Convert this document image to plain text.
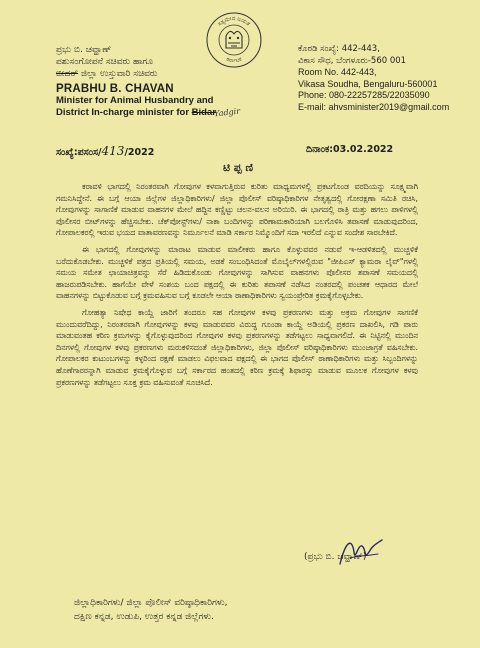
ಪ್ರಭು ಬಿ. ಚವ್ಹಾಣ್
ಪಶುಸಂಗೋಪನೆ ಸಚಿವರು ಹಾಗೂ
ಬೀದರ್ ಜಿಲ್ಲಾ ಉಸ್ತುವಾರಿ ಸಚಿವರು
PRABHU B. CHAVAN
Minister for Animal Husbandry and
District In-charge minister for Bidar
Yadgir
ಸತ್ಯಮೇವ ಜಯತೆ
ಕರ್ನಾಟಕ
ಕೊಠಡಿ ಸಂಖ್ಯೆ: 442-443,
ವಿಕಾಸ ಸೌಧ, ಬೆಂಗಳೂರು-560 001
Room No. 442-443,
Vikasa Soudha, Bengaluru-560001
Phone: 080-22257285/22035090
E-mail: ahvsminister2019@gmail.com
ಸಂಖ್ಯೆ:ಪಸಂಸ/413/2022	ದಿನಾಂಕ:03.02.2022
ಟಿಪ್ಪಣಿ

ಕರಾವಳಿ ಭಾಗದಲ್ಲಿ ನಿರಂತರವಾಗಿ ಗೋವುಗಳ ಕಳವಾಗುತ್ತಿರುವ ಕುರಿತು ಮಾಧ್ಯಮಗಳಲ್ಲಿ ಪ್ರಕಟಗೊಂಡ ವರದಿಯನ್ನು ಸೂಕ್ಷ್ಮವಾಗಿ ಗಮನಿಸಿದ್ದೇನೆ. ಈ ಬಗ್ಗೆ ಆಯಾ ಜಿಲ್ಲೆಗಳ ಜಿಲ್ಲಾಧಿಕಾರಿಗಳು/ ಜಿಲ್ಲಾ ಪೊಲೀಸ್ ವರಿಷ್ಠಾಧಿಕಾರಿಗಳ ನೇತೃತ್ವದಲ್ಲಿ ಗೋರಕ್ಷಣಾ ಸಮಿತಿ ರಚಿಸಿ, ಗೋವುಗಳನ್ನು ಸಾಗಾಣಿಕೆ ಮಾಡುವ ವಾಹನಗಳ ಮೇಲೆ ಹದ್ದಿನ ಕಣ್ಣಿಟ್ಟು ಚಲನ-ವಲನ ಅರಿಯಿರಿ. ಈ ಭಾಗದಲ್ಲಿ ರಾತ್ರಿ ಮತ್ತು ಹಗಲು ಪಾಳಿಗಳಲ್ಲಿ ಪೊಲೀಸರ ಬೀಟ್‌ಗಳನ್ನು ಹೆಚ್ಚಿಸಬೇಕು. ಚೆಕ್‌ಪೋಸ್ಟ್‌ಗಳು/ ನಾಕಾ ಬಂದಿಗಳನ್ನು ಪರಿಣಾಮಕಾರಿಯಾಗಿ ಬಲಗೊಳಿಸಿ ತಪಾಸಣೆ ಮಾಡುವುದರಿಂದ, ಗೋಪಾಲಕರಲ್ಲಿ ಇರುವ ಭಯದ ವಾತಾವರಣವನ್ನು ನಿರ್ಮೂಲನೆ ಮಾಡಿ ಸರ್ಕಾರ ನಿಮ್ಮೊಂದಿಗೆ ಸದಾ ಇರಲಿದೆ ಎನ್ನುವ ಸಂದೇಶ ಸಾರಬೇಕಿದೆ.

ಈ ಭಾಗದಲ್ಲಿ ಗೋವುಗಳನ್ನು ಮಾರಾಟ ಮಾಡುವ ಮಾಲೀಕರು ಹಾಗೂ ಕೊಳ್ಳುವವರ ನಡುವೆ ಇ-ಆಡಳಿತದಲ್ಲಿ ಮುಚ್ಚಳಿಕೆ ಬರೆದುಕೊಡಬೇಕು. ಮುಚ್ಚಳಿಕೆ ಪತ್ರದ ಪ್ರತಿಯಲ್ಲಿ ಸಮಯ, ಅಡಕೆ ಸಂಬಂಧಿಸಿದಂತೆ ಮೊಬೈಲ್‌ಗಳಲ್ಲಿರುವ "ಜೀಪಿಎಸ್ ಕ್ಯಾಮರಾ ಲೈವ್"ಗಳಲ್ಲಿ ಸಮಯ ಸಮೇತ ಛಾಯಾಚಿತ್ರವನ್ನು ಸೆರೆ ಹಿಡಿದುಕೊಂಡು ಗೋವುಗಳನ್ನು ಸಾಗಿಸುವ ವಾಹನಗಳು ಪೊಲೀಸರ ತಪಾಸಣೆ ಸಮಯದಲ್ಲಿ ಹಾಜರುಪಡಿಸಬೇಕು. ಹಾಗೆಯೇ ವೇಳೆ ಸಂಶಯ ಬಂದ ಪಕ್ಷದಲ್ಲಿ ಈ ಕುರಿತು ತಪಾಸಣೆ ನಡೆಸಿದ ನಂತರದಲ್ಲಿ ಪಂಚತಕ ಆಧಾರದ ಮೇಲೆ ವಾಹನಗಳನ್ನು ಬಿಟ್ಟುಕೊಡುವ ಬಗ್ಗೆ ಕ್ರಮವಹಿಸುವ ಬಗ್ಗೆ ಕೂಡಲೇ ಆಯಾ ಠಾಣಾಧಿಕಾರಿಗಳು ಸ್ವಯಂಪ್ರೇರಿತ ಕ್ರಮಕೈಗೊಳ್ಳಬೇಕು.

ಗೋಹತ್ಯಾ ನಿಷೇಧ ಕಾಯ್ದೆ ಜಾರಿಗೆ ತಂದರೂ ಸಹ ಗೋವುಗಳ ಕಳವು ಪ್ರಕರಣಗಳು ಮತ್ತು ಅಕ್ರಮ ಗೋವುಗಳ ಸಾಗಣಿಕೆ ಮುಂದುವರೆದಿದ್ದು, ನಿರಂತರವಾಗಿ ಗೋವುಗಳನ್ನು ಕಳವು ಮಾಡುವವರ ವಿರುದ್ಧ ಗೂಂಡಾ ಕಾಯ್ದೆ ಅಡಿಯಲ್ಲಿ ಪ್ರಕರಣ ದಾಖಲಿಸಿ, ಗಡಿ ಪಾರು ಮಾಡುವಂತಹ ಕಠಿಣ ಕ್ರಮಗಳನ್ನು ಕೈಗೊಳ್ಳುವುದರಿಂದ ಗೋವುಗಳ ಕಳವು ಪ್ರಕರಣಗಳನ್ನು ತಡೆಗಟ್ಟಲು ಸಾಧ್ಯವಾಗಲಿದೆ. ಈ ನಿಟ್ಟಿನಲ್ಲಿ ಮುಂದಿನ ದಿನಗಳಲ್ಲಿ ಗೋವುಗಳ ಕಳವು ಪ್ರಕರಣಗಳು ಮರುಕಳಿಸದಂತೆ ಜಿಲ್ಲಾಧಿಕಾರಿಗಳು, ಜಿಲ್ಲಾ ಪೊಲೀಸ್ ವರಿಷ್ಠಾಧಿಕಾರಿಗಳು ಮುಂಜಾಗ್ರತೆ ವಹಿಸಬೇಕು. ಗೋಪಾಲಕರ ಕುಟುಂಬಗಳನ್ನು ಕಳ್ಳರಿಂದ ರಕ್ಷಣೆ ಮಾಡಲು ವಿಫಲವಾದ ಪಕ್ಷದಲ್ಲಿ ಈ ಭಾಗದ ಪೊಲೀಸ್ ಠಾಣಾಧಿಕಾರಿಗಳು ಮತ್ತು ಸಿಬ್ಬಂದಿಗಳನ್ನು ಹೊಣೆಗಾರರನ್ನಾಗಿ ಮಾಡುವ ಕ್ರಮಕೈಗೊಳ್ಳುವ ಬಗ್ಗೆ ಸರ್ಕಾರದ ಹಂತದಲ್ಲಿ ಕಠಿಣ ಕ್ರಮಕ್ಕೆ ಶಿಫಾರಸ್ಸು ಮಾಡುವ ಮೂಲಕ ಗೋವುಗಳ ಕಳವು ಪ್ರಕರಣಗಳನ್ನು ತಡೆಗಟ್ಟಲು ಸೂಕ್ತ ಕ್ರಮ ವಹಿಸುವಂತೆ ಸೂಚಿಸಿದೆ.

(ಪ್ರಭು ಬಿ. ಚವ್ಹಾಣ್)
ಜಿಲ್ಲಾಧಿಕಾರಿಗಳು/ ಜಿಲ್ಲಾ ಪೊಲೀಸ್ ವರಿಷ್ಠಾಧಿಕಾರಿಗಳು,
ದಕ್ಷಿಣ ಕನ್ನಡ, ಉಡುಪಿ, ಉತ್ತರ ಕನ್ನಡ ಜಿಲ್ಲೆಗಳು.
